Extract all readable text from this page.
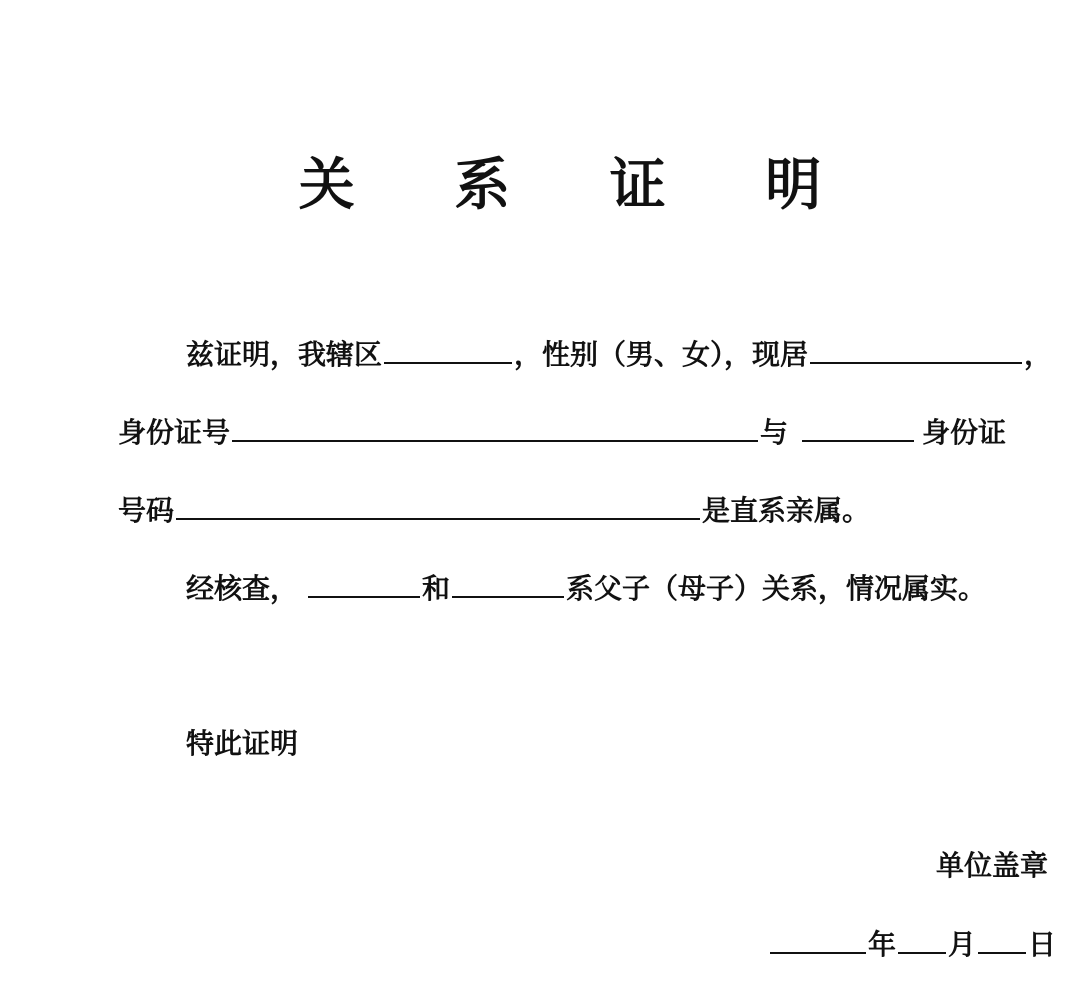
关 系 证 明
兹证明，我辖区	，性别（男、女），现居	，
身份证号	与	身份证
号码	是直系亲属。
经核查，	和	系父子（母子）关系，情况属实。
特此证明
单位盖章
年 月 日
